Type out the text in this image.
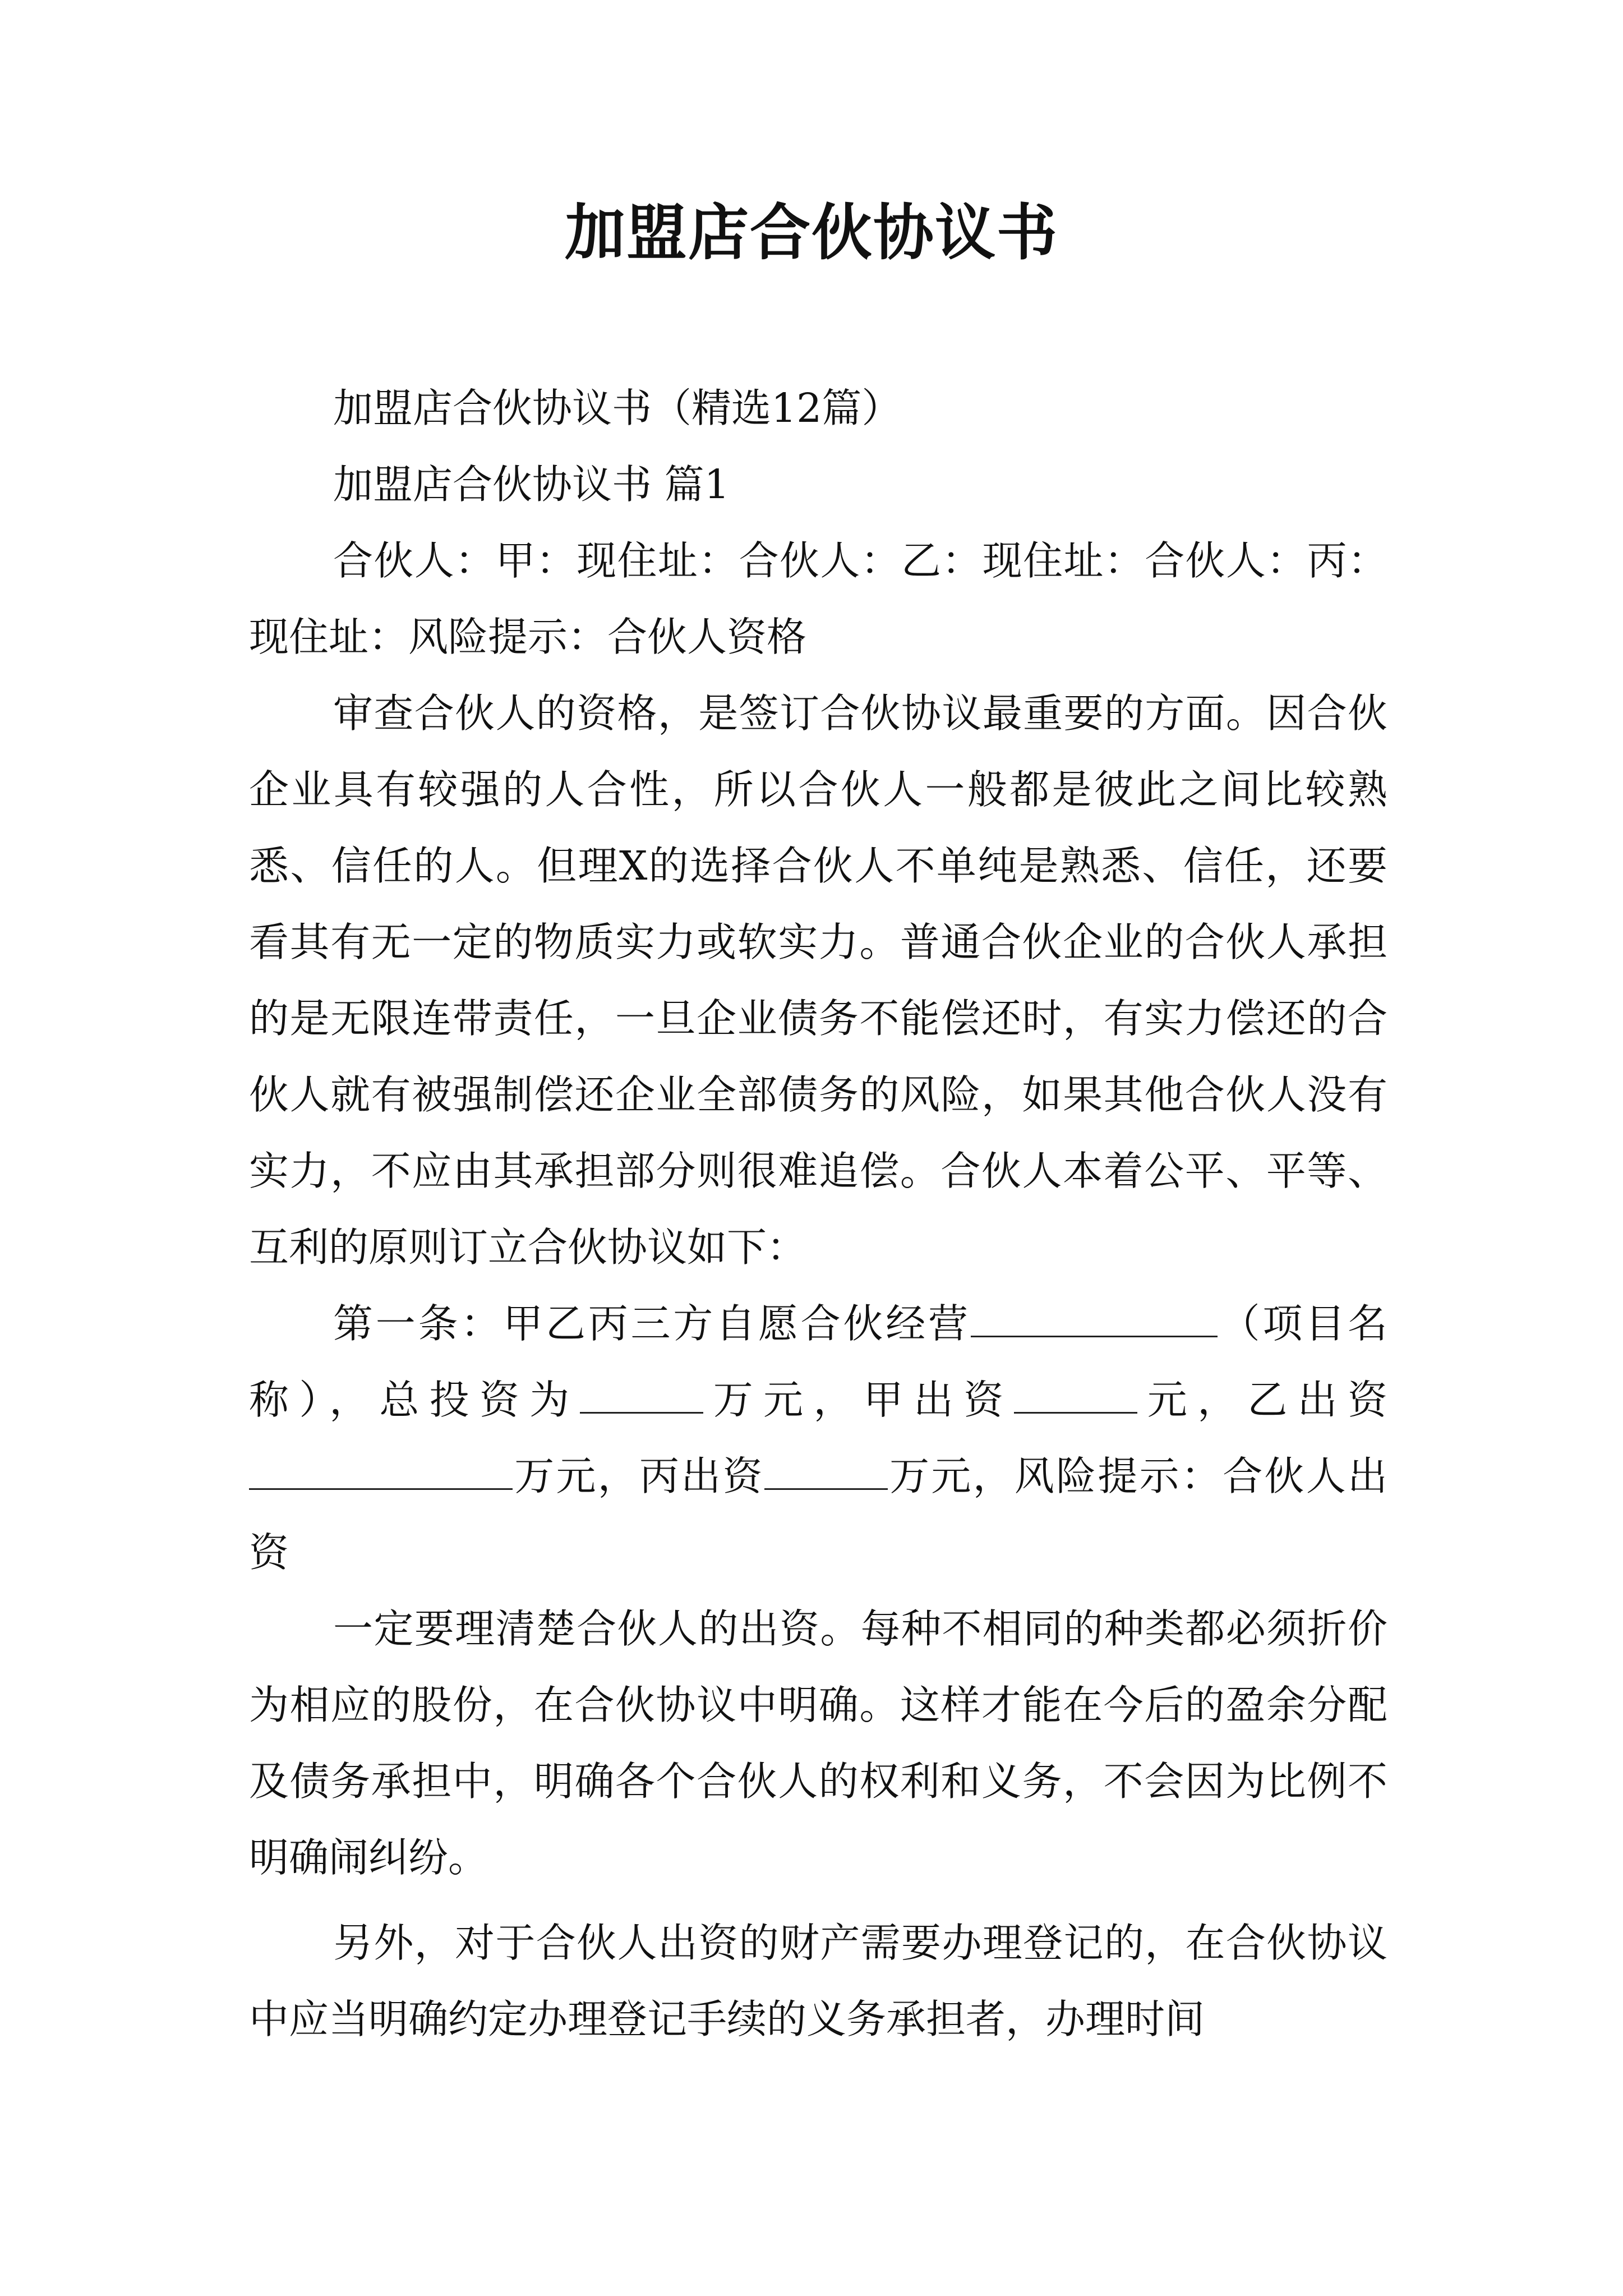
加盟店合伙协议书

加盟店合伙协议书（精选12篇）

加盟店合伙协议书 篇1

合伙人：甲：现住址：合伙人：乙：现住址：合伙人：丙：现住址：风险提示：合伙人资格

审查合伙人的资格，是签订合伙协议最重要的方面。因合伙企业具有较强的人合性，所以合伙人一般都是彼此之间比较熟悉、信任的人。但理X的选择合伙人不单纯是熟悉、信任，还要看其有无一定的物质实力或软实力。普通合伙企业的合伙人承担的是无限连带责任，一旦企业债务不能偿还时，有实力偿还的合伙人就有被强制偿还企业全部债务的风险，如果其他合伙人没有实力，不应由其承担部分则很难追偿。合伙人本着公平、平等、互利的原则订立合伙协议如下：

第一条：甲乙丙三方自愿合伙经营	（项目名称），总投资为	万元，甲出资	元，乙出资万元，丙出资	万元，风险提示：合伙人出资

一定要理清楚合伙人的出资。每种不相同的种类都必须折价为相应的股份，在合伙协议中明确。这样才能在今后的盈余分配及债务承担中，明确各个合伙人的权利和义务，不会因为比例不明确闹纠纷。

另外，对于合伙人出资的财产需要办理登记的，在合伙协议中应当明确约定办理登记手续的义务承担者，办理时间
